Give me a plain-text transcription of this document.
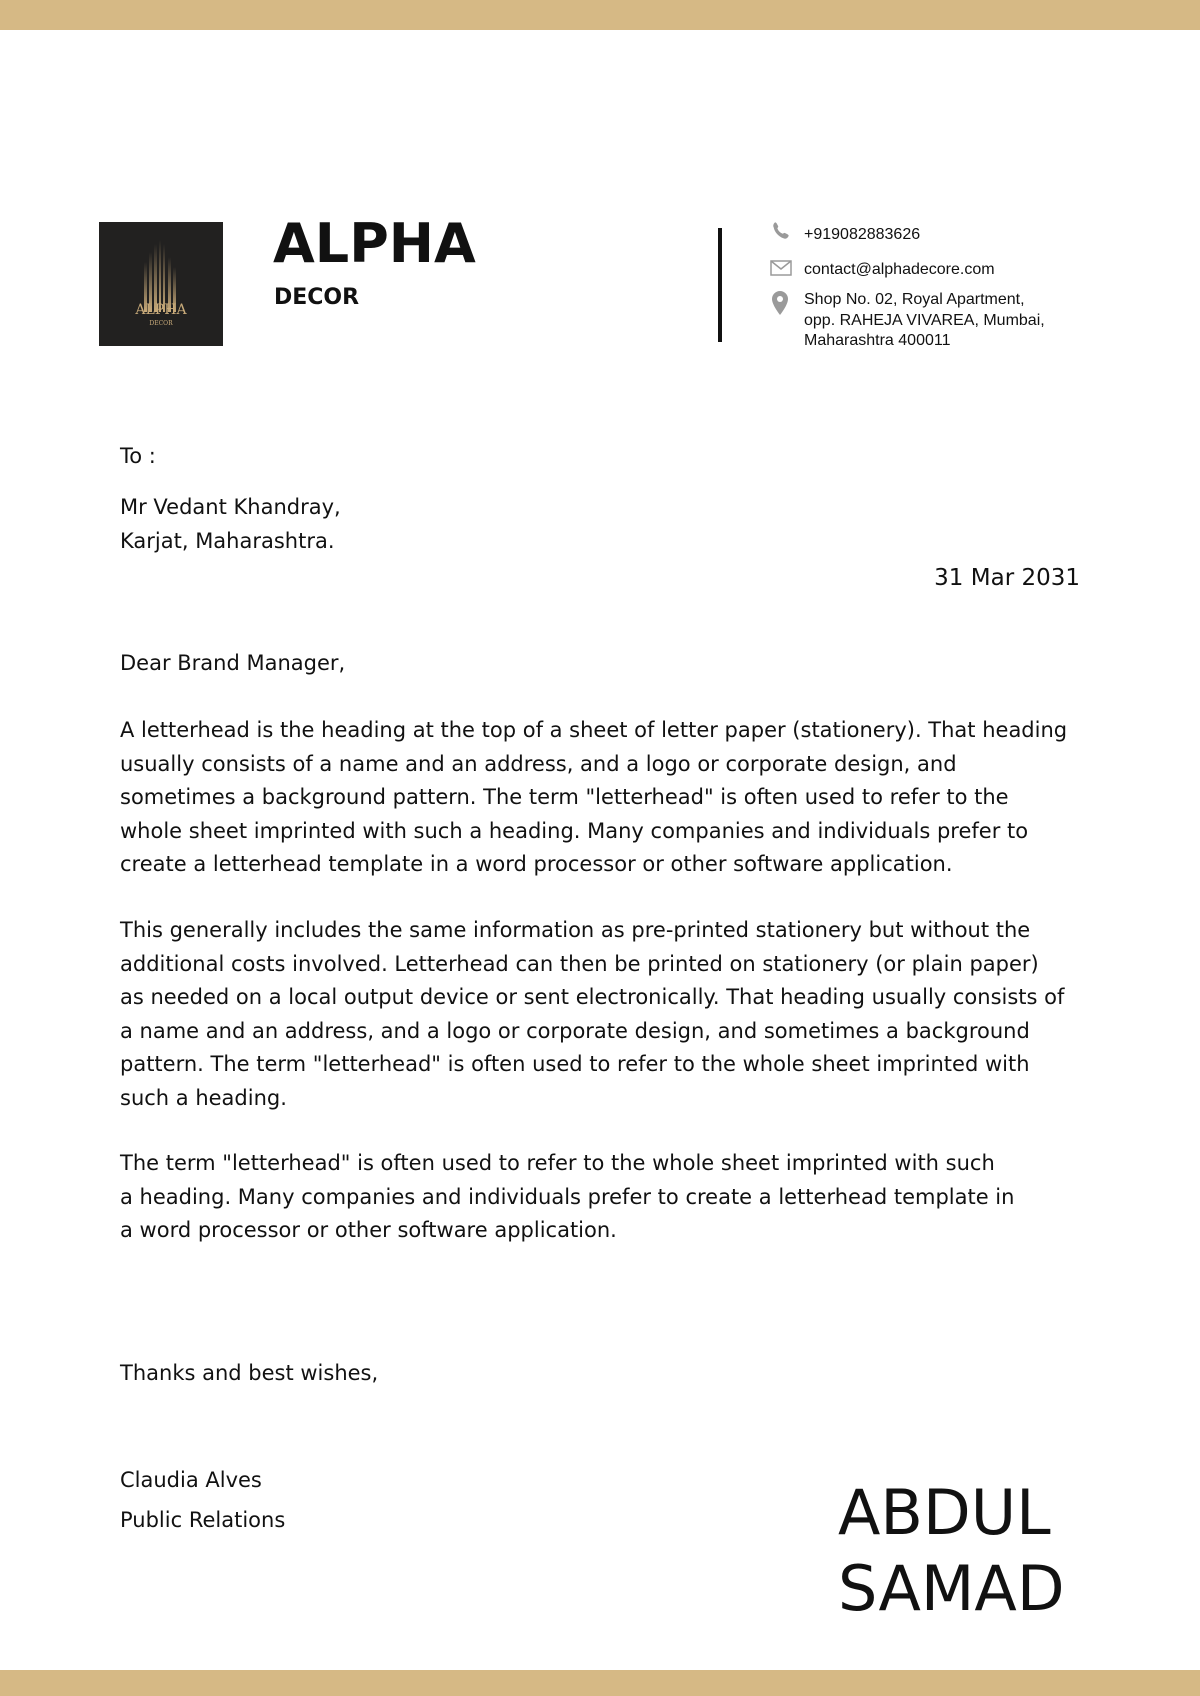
ALPHA
DECOR
ALPHA
DECOR
+919082883626
contact@alphadecore.com
Shop No. 02, Royal Apartment,
opp. RAHEJA VIVAREA, Mumbai,
Maharashtra 400011
To :
Mr Vedant Khandray,
Karjat, Maharashtra.
31 Mar 2031
Dear Brand Manager,
A letterhead is the heading at the top of a sheet of letter paper (stationery). That heading
usually consists of a name and an address, and a logo or corporate design, and
sometimes a background pattern. The term "letterhead" is often used to refer to the
whole sheet imprinted with such a heading. Many companies and individuals prefer to
create a letterhead template in a word processor or other software application.
This generally includes the same information as pre-printed stationery but without the
additional costs involved. Letterhead can then be printed on stationery (or plain paper)
as needed on a local output device or sent electronically. That heading usually consists of
a name and an address, and a logo or corporate design, and sometimes a background
pattern. The term "letterhead" is often used to refer to the whole sheet imprinted with
such a heading.
The term "letterhead" is often used to refer to the whole sheet imprinted with such
a heading. Many companies and individuals prefer to create a letterhead template in
a word processor or other software application.
Thanks and best wishes,
Claudia Alves
Public Relations	ABDUL
SAMAD
